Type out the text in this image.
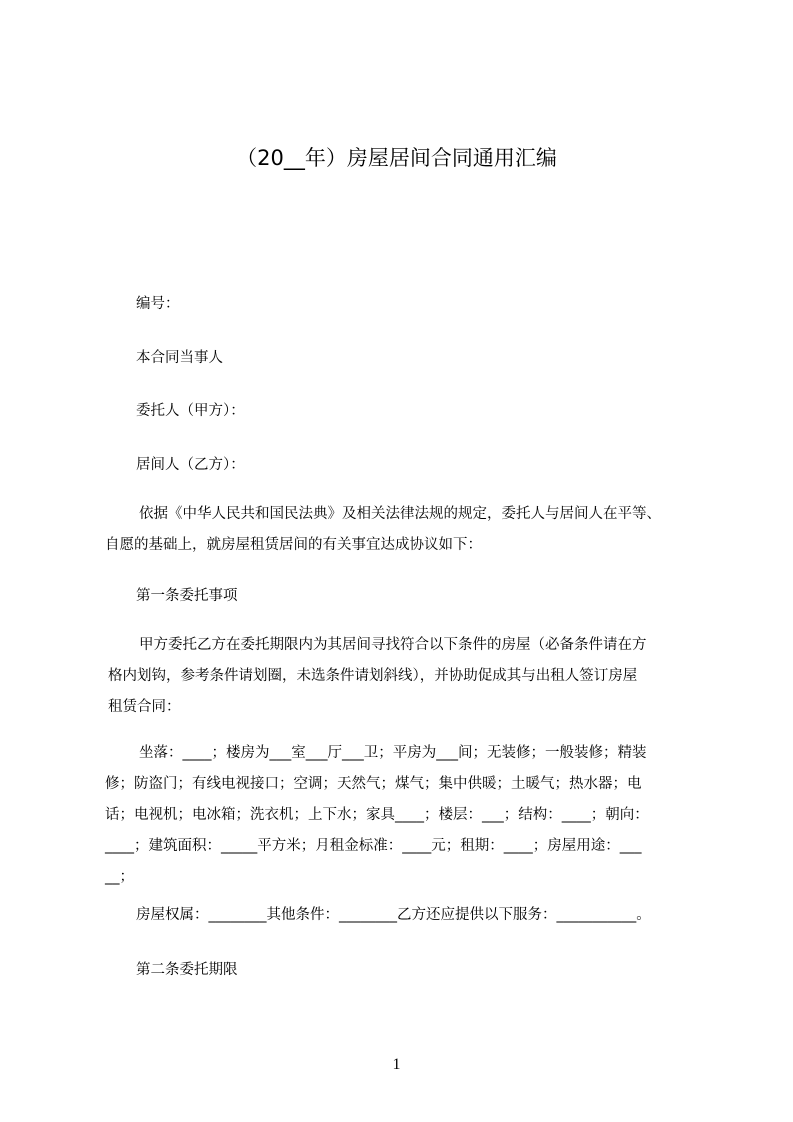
（20__年）房屋居间合同通用汇编
编号：
本合同当事人
委托人（甲方）：
居间人（乙方）：
依据《中华人民共和国民法典》及相关法律法规的规定，委托人与居间人在平等、
自愿的基础上，就房屋租赁居间的有关事宜达成协议如下：
第一条委托事项
甲方委托乙方在委托期限内为其居间寻找符合以下条件的房屋（必备条件请在方
格内划钩，参考条件请划圈，未选条件请划斜线），并协助促成其与出租人签订房屋
租赁合同：
坐落：____；楼房为___室___厅___卫；平房为___间；无装修；一般装修；精装
修；防盗门；有线电视接口；空调；天然气；煤气；集中供暖；土暖气；热水器；电
话；电视机；电冰箱；洗衣机；上下水；家具____；楼层：___；结构：____；朝向：
____；建筑面积：_____平方米；月租金标准：____元；租期：____；房屋用途：___
__；
房屋权属：________其他条件：________乙方还应提供以下服务：___________。
第二条委托期限
1
